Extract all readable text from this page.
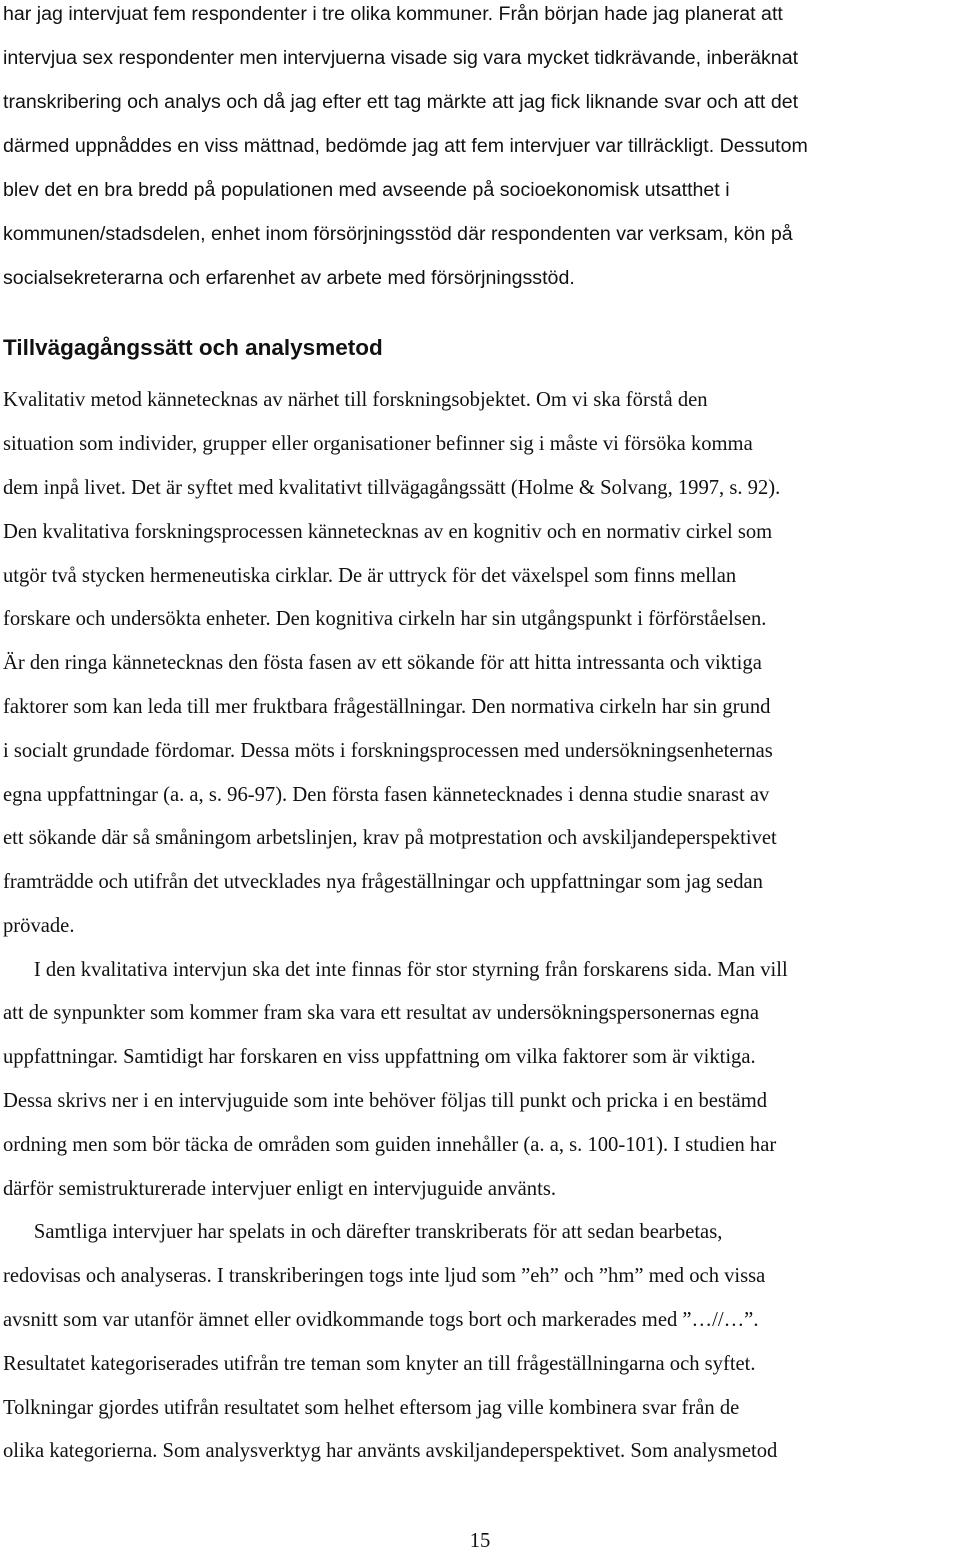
har jag intervjuat fem respondenter i tre olika kommuner. Från början hade jag planerat att
intervjua sex respondenter men intervjuerna visade sig vara mycket tidkrävande, inberäknat
transkribering och analys och då jag efter ett tag märkte att jag fick liknande svar och att det
därmed uppnåddes en viss mättnad, bedömde jag att fem intervjuer var tillräckligt. Dessutom
blev det en bra bredd på populationen med avseende på socioekonomisk utsatthet i
kommunen/stadsdelen, enhet inom försörjningsstöd där respondenten var verksam, kön på
socialsekreterarna och erfarenhet av arbete med försörjningsstöd.
Tillvägagångssätt och analysmetod
Kvalitativ metod kännetecknas av närhet till forskningsobjektet. Om vi ska förstå den
situation som individer, grupper eller organisationer befinner sig i måste vi försöka komma
dem inpå livet. Det är syftet med kvalitativt tillvägagångssätt (Holme & Solvang, 1997, s. 92).
Den kvalitativa forskningsprocessen kännetecknas av en kognitiv och en normativ cirkel som
utgör två stycken hermeneutiska cirklar. De är uttryck för det växelspel som finns mellan
forskare och undersökta enheter. Den kognitiva cirkeln har sin utgångspunkt i förförståelsen.
Är den ringa kännetecknas den fösta fasen av ett sökande för att hitta intressanta och viktiga
faktorer som kan leda till mer fruktbara frågeställningar. Den normativa cirkeln har sin grund
i socialt grundade fördomar. Dessa möts i forskningsprocessen med undersökningsenheternas
egna uppfattningar (a. a, s. 96-97). Den första fasen kännetecknades i denna studie snarast av
ett sökande där så småningom arbetslinjen, krav på motprestation och avskiljandeperspektivet
framträdde och utifrån det utvecklades nya frågeställningar och uppfattningar som jag sedan
prövade.
I den kvalitativa intervjun ska det inte finnas för stor styrning från forskarens sida. Man vill
att de synpunkter som kommer fram ska vara ett resultat av undersökningspersonernas egna
uppfattningar. Samtidigt har forskaren en viss uppfattning om vilka faktorer som är viktiga.
Dessa skrivs ner i en intervjuguide som inte behöver följas till punkt och pricka i en bestämd
ordning men som bör täcka de områden som guiden innehåller (a. a, s. 100-101). I studien har
därför semistrukturerade intervjuer enligt en intervjuguide använts.
Samtliga intervjuer har spelats in och därefter transkriberats för att sedan bearbetas,
redovisas och analyseras. I transkriberingen togs inte ljud som ”eh” och ”hm” med och vissa
avsnitt som var utanför ämnet eller ovidkommande togs bort och markerades med ”…//…”.
Resultatet kategoriserades utifrån tre teman som knyter an till frågeställningarna och syftet.
Tolkningar gjordes utifrån resultatet som helhet eftersom jag ville kombinera svar från de
olika kategorierna. Som analysverktyg har använts avskiljandeperspektivet. Som analysmetod
15
